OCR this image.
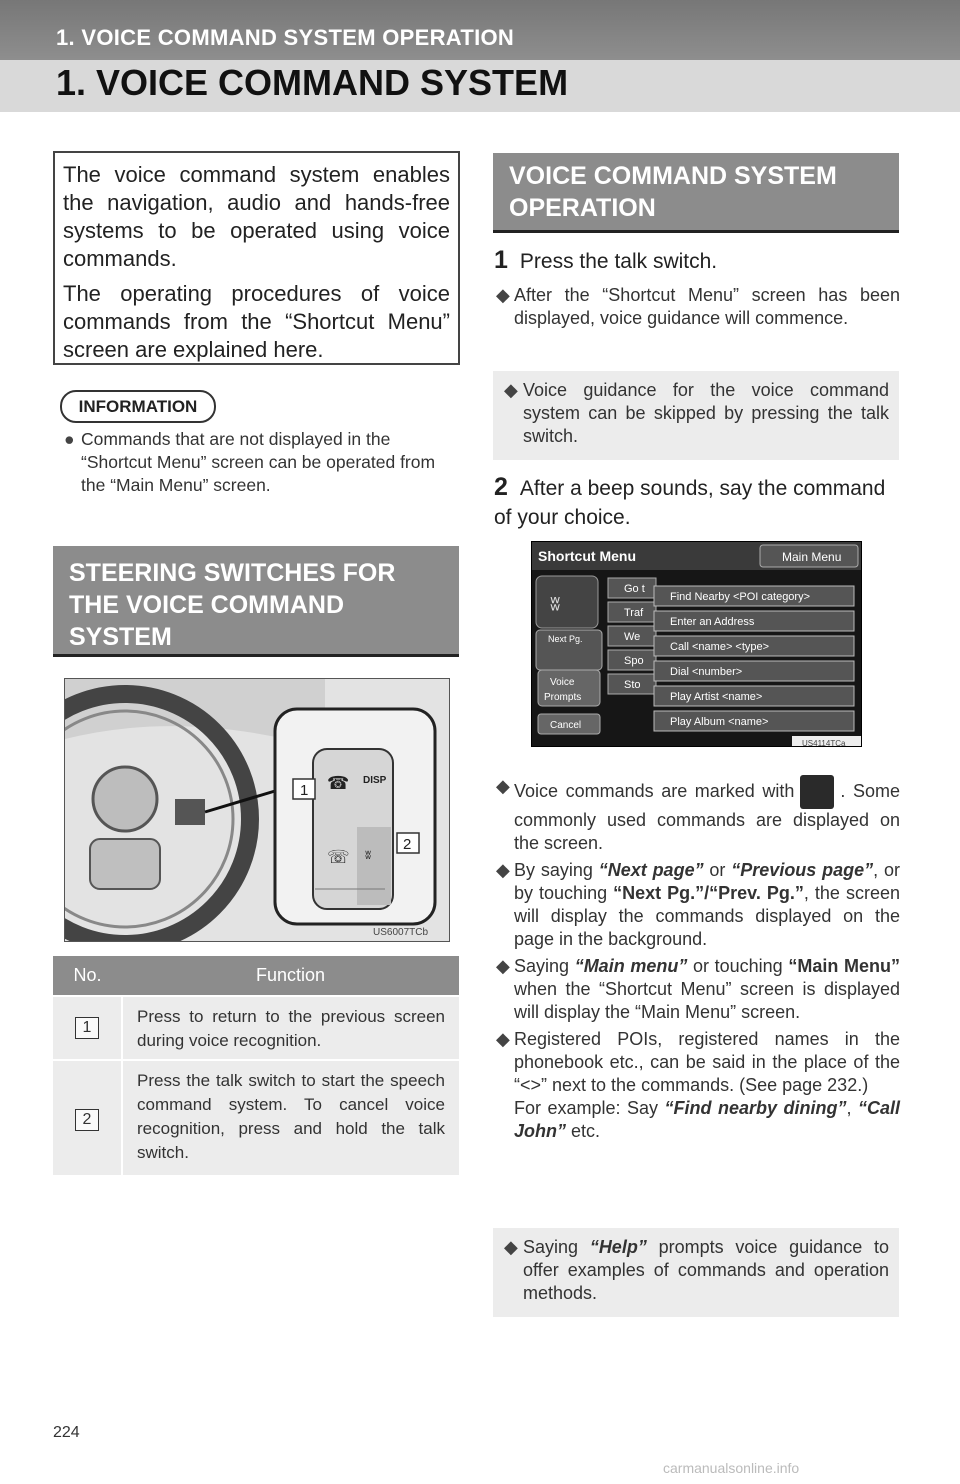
1. VOICE COMMAND SYSTEM OPERATION
1. VOICE COMMAND SYSTEM

The voice command system enables the navigation, audio and hands-free systems to be operated using voice commands.

The operating procedures of voice commands from the “Shortcut Menu” screen are explained here.

INFORMATION
● Commands that are not displayed in the “Shortcut Menu” screen can be operated from the “Main Menu” screen.
STEERING SWITCHES FOR THE VOICE COMMAND SYSTEM
☎
☏
DISP
ʬ
1
2
US6007TCb
No.	Function

1	Press to return to the previous screen during voice recognition.

2	Press the talk switch to start the speech command system. To cancel voice recognition, press and hold the talk switch.
VOICE COMMAND SYSTEM OPERATION
1 Press the talk switch.
◆ After the “Shortcut Menu” screen has been displayed, voice guidance will commence.
◆ Voice guidance for the voice command system can be skipped by pressing the talk switch.
2 After a beep sounds, say the command of your choice.
Shortcut Menu	Main Menu
ʬ
Next Pg.
Voice
Prompts
Cancel
Go t
Traf
We
Spo
Sto
Find Nearby <POI category>
Enter an Address
Call <name> <type>
Dial <number>
Play Artist <name>
Play Album <name>
US4114TCa
◆ Voice commands are marked with	. Some commonly used commands are displayed on the screen.
◆ By saying “Next page” or “Previous page”, or by touching “Next Pg.”/“Prev. Pg.”, the screen will display the commands displayed on the page in the background.
◆ Saying “Main menu” or touching “Main Menu” when the “Shortcut Menu” screen is displayed will display the “Main Menu” screen.
◆ Registered POIs, registered names in the phonebook etc., can be said in the place of the “<>” next to the commands. (See page 232.)
For example: Say “Find nearby dining”, “Call John” etc.
◆ Saying “Help” prompts voice guidance to offer examples of commands and operation methods.
224
carmanualsonline.info
